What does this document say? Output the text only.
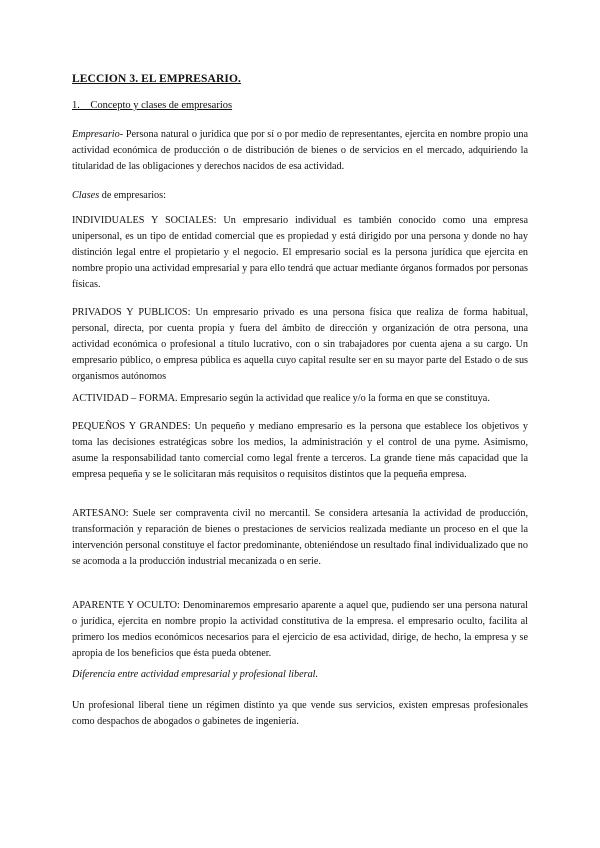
LECCION 3. EL EMPRESARIO.
1.    Concepto y clases de empresarios

Empresario- Persona natural o jurídica que por sí o por medio de representantes, ejercita en nombre propio una actividad económica de producción o de distribución de bienes o de servicios en el mercado, adquiriendo la titularidad de las obligaciones y derechos nacidos de esa actividad.

Clases de empresarios:

INDIVIDUALES Y SOCIALES: Un empresario individual es también conocido como una empresa unipersonal, es un tipo de entidad comercial que es propiedad y está dirigido por una persona y donde no hay distinción legal entre el propietario y el negocio. El empresario social es la persona jurídica que ejercita en nombre propio una actividad empresarial y para ello tendrá que actuar mediante órganos formados por personas físicas.

PRIVADOS Y PUBLICOS: Un empresario privado es una persona física que realiza de forma habitual, personal, directa, por cuenta propia y fuera del ámbito de dirección y organización de otra persona, una actividad económica o profesional a título lucrativo, con o sin trabajadores por cuenta ajena a su cargo. Un empresario público, o empresa pública es aquella cuyo capital resulte ser en su mayor parte del Estado o de sus organismos autónomos

ACTIVIDAD – FORMA. Empresario según la actividad que realice y/o la forma en que se constituya.

PEQUEÑOS Y GRANDES: Un pequeño y mediano empresario es la persona que establece los objetivos y toma las decisiones estratégicas sobre los medios, la administración y el control de una pyme. Asimismo, asume la responsabilidad tanto comercial como legal frente a terceros. La grande tiene más capacidad que la empresa pequeña y se le solicitaran más requisitos o requisitos distintos que la pequeña empresa.

ARTESANO: Suele ser compraventa civil no mercantil. Se considera artesanía la actividad de producción, transformación y reparación de bienes o prestaciones de servicios realizada mediante un proceso en el que la intervención personal constituye el factor predominante, obteniéndose un resultado final individualizado que no se acomoda a la producción industrial mecanizada o en serie.

APARENTE Y OCULTO: Denominaremos empresario aparente a aquel que, pudiendo ser una persona natural o jurídica, ejercita en nombre propio la actividad constitutiva de la empresa. el empresario oculto, facilita al primero los medios económicos necesarios para el ejercicio de esa actividad, dirige, de hecho, la empresa y se apropia de los beneficios que ésta pueda obtener.

Diferencia entre actividad empresarial y profesional liberal.

Un profesional liberal tiene un régimen distinto ya que vende sus servicios, existen empresas profesionales como despachos de abogados o gabinetes de ingeniería.
